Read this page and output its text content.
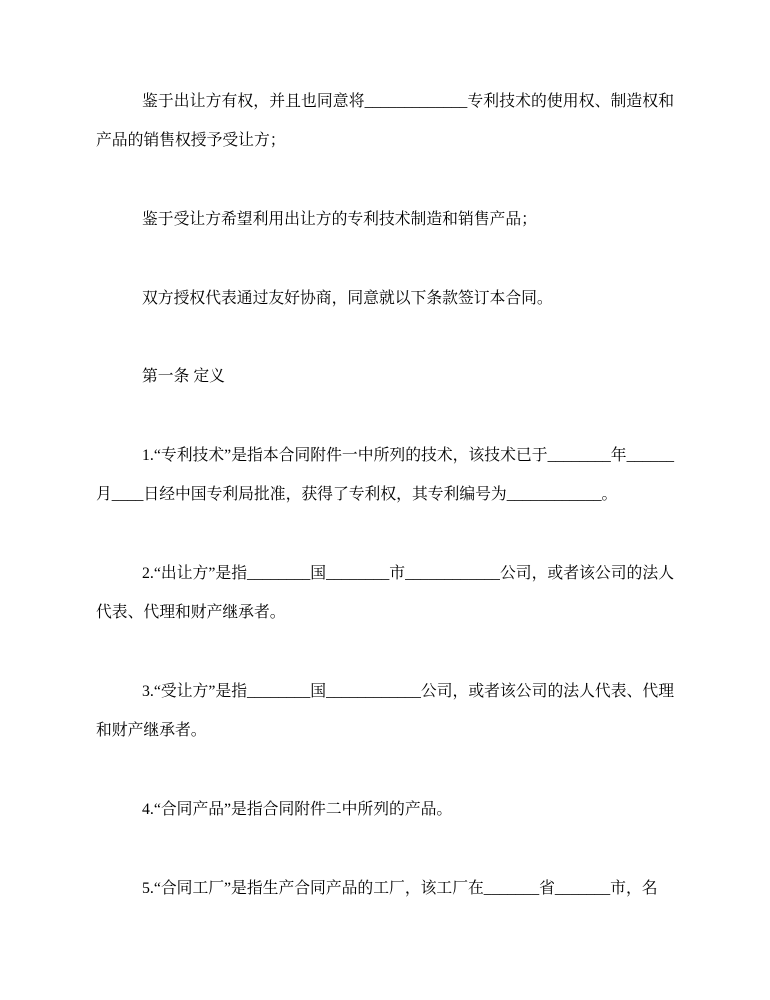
鉴于出让方有权，并且也同意将_____________专利技术的使用权、制造权和产品的销售权授予受让方；

鉴于受让方希望利用出让方的专利技术制造和销售产品；

双方授权代表通过友好协商，同意就以下条款签订本合同。

第一条 定义

1.“专利技术”是指本合同附件一中所列的技术，该技术已于________年______月____日经中国专利局批准，获得了专利权，其专利编号为____________。

2.“出让方”是指________国________市____________公司，或者该公司的法人代表、代理和财产继承者。

3.“受让方”是指________国____________公司，或者该公司的法人代表、代理和财产继承者。

4.“合同产品”是指合同附件二中所列的产品。

5.“合同工厂”是指生产合同产品的工厂，该工厂在_______省_______市，名
